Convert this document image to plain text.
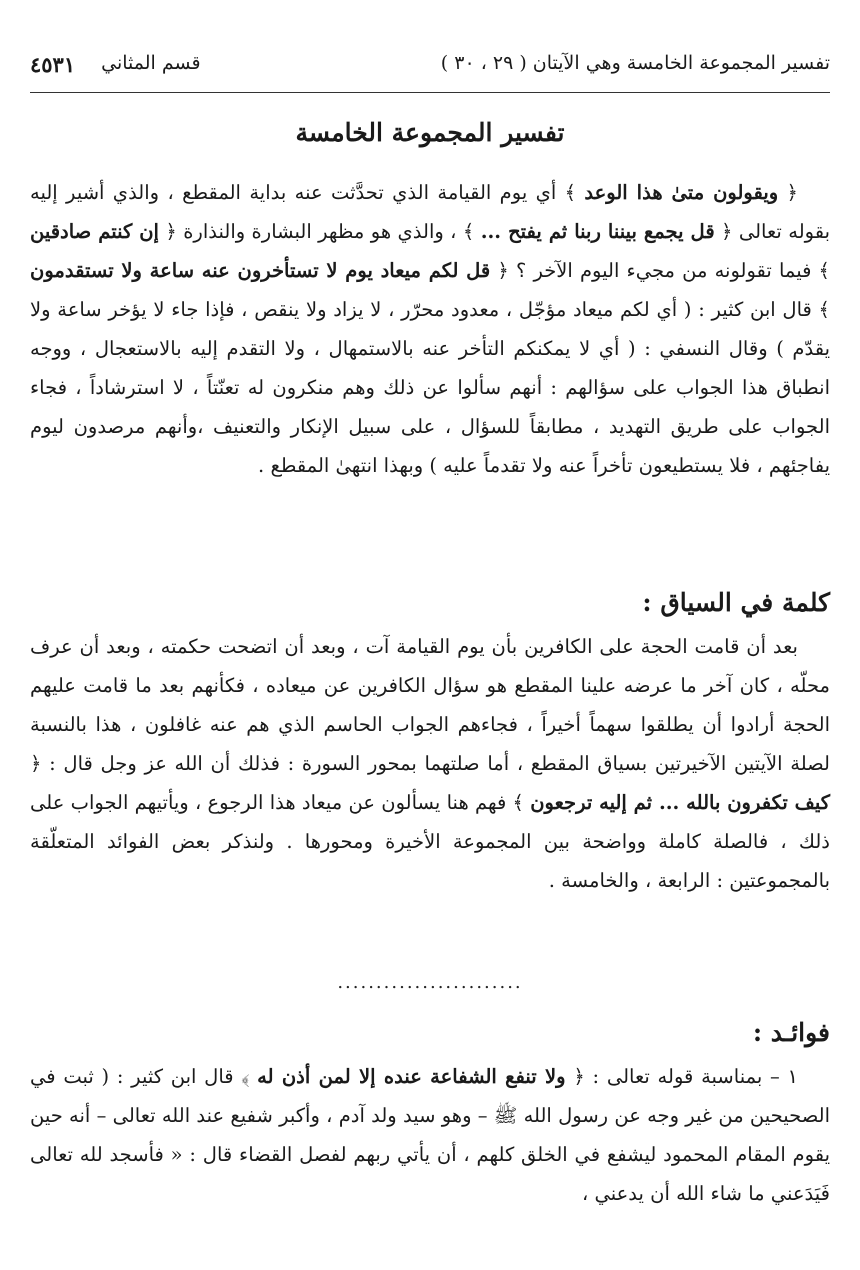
تفسير المجموعة الخامسة وهي الآيتان ( ٢٩ ، ٣٠ )
قسم المثاني
٤٥٣١
تفسير المجموعة الخامسة

﴿ ويقولون متىٰ هذا الوعد ﴾ أي يوم القيامة الذي تحدَّثت عنه بداية المقطع ، والذي أشير إليه بقوله تعالى ﴿ قل يجمع بيننا ربنا ثم يفتح ... ﴾ ، والذي هو مظهر البشارة والنذارة ﴿ إن كنتم صادقين ﴾ فيما تقولونه من مجيء اليوم الآخر ؟ ﴿ قل لكم ميعاد يوم لا تستأخرون عنه ساعة ولا تستقدمون ﴾ قال ابن كثير : ( أي لكم ميعاد مؤجّل ، معدود محرّر ، لا يزاد ولا ينقص ، فإذا جاء لا يؤخر ساعة ولا يقدّم ) وقال النسفي : ( أي لا يمكنكم التأخر عنه بالاستمهال ، ولا التقدم إليه بالاستعجال ، ووجه انطباق هذا الجواب على سؤالهم : أنهم سألوا عن ذلك وهم منكرون له تعنّتاً ، لا استرشاداً ، فجاء الجواب على طريق التهديد ، مطابقاً للسؤال ، على سبيل الإنكار والتعنيف ،وأنهم مرصدون ليوم يفاجئهم ، فلا يستطيعون تأخراً عنه ولا تقدماً عليه ) وبهذا انتهىٰ المقطع .

كلمة في السياق :

بعد أن قامت الحجة على الكافرين بأن يوم القيامة آت ، وبعد أن اتضحت حكمته ، وبعد أن عرف محلّه ، كان آخر ما عرضه علينا المقطع هو سؤال الكافرين عن ميعاده ، فكأنهم بعد ما قامت عليهم الحجة أرادوا أن يطلقوا سهماً أخيراً ، فجاءهم الجواب الحاسم الذي هم عنه غافلون ، هذا بالنسبة لصلة الآيتين الآخيرتين بسياق المقطع ، أما صلتهما بمحور السورة : فذلك أن الله عز وجل قال : ﴿ كيف تكفرون بالله ... ثم إليه ترجعون ﴾ فهم هنا يسألون عن ميعاد هذا الرجوع ، ويأتيهم الجواب على ذلك ، فالصلة كاملة وواضحة بين المجموعة الأخيرة ومحورها . ولنذكر بعض الفوائد المتعلّقة بالمجموعتين : الرابعة ، والخامسة .

........................

فوائـد :

١ – بمناسبة قوله تعالى : ﴿ ولا تنفع الشفاعة عنده إلا لمن أذن له ﴾ قال ابن كثير : ( ثبت في الصحيحين من غير وجه عن رسول الله ﷺ – وهو سيد ولد آدم ، وأكبر شفيع عند الله تعالى – أنه حين يقوم المقام المحمود ليشفع في الخلق كلهم ، أن يأتي ربهم لفصل القضاء قال : « فأسجد لله تعالى فَيَدَعني ما شاء الله أن يدعني ،
